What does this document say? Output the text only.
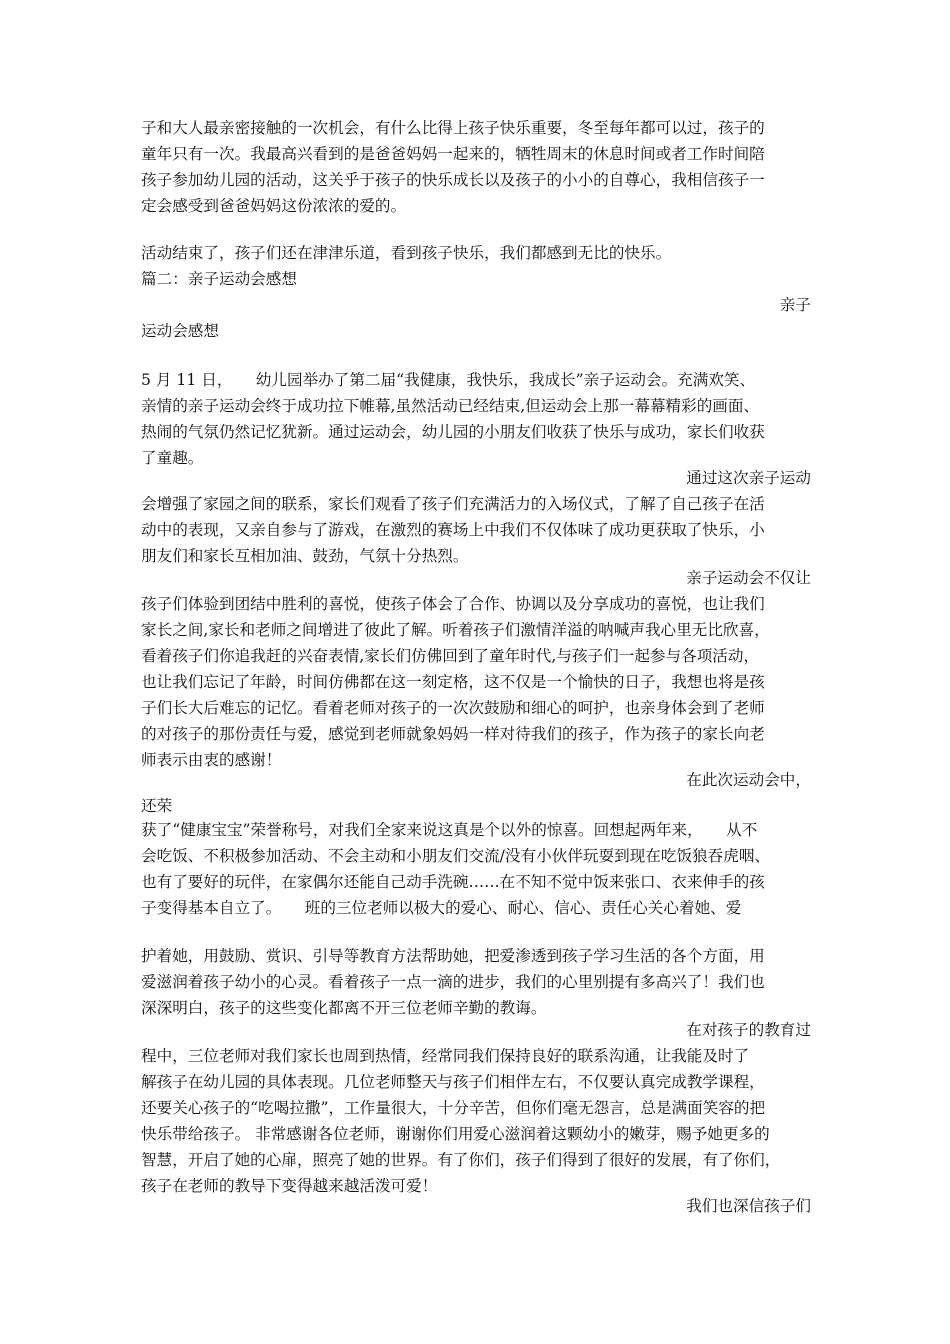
子和大人最亲密接触的一次机会，有什么比得上孩子快乐重要，冬至每年都可以过，孩子的
童年只有一次。我最高兴看到的是爸爸妈妈一起来的，牺牲周末的休息时间或者工作时间陪
孩子参加幼儿园的活动，这关乎于孩子的快乐成长以及孩子的小小的自尊心，我相信孩子一
定会感受到爸爸妈妈这份浓浓的爱的。
活动结束了，孩子们还在津津乐道，看到孩子快乐，我们都感到无比的快乐。
篇二：亲子运动会感想
亲子
运动会感想
5 月 11 日，　　幼儿园举办了第二届“我健康，我快乐，我成长”亲子运动会。充满欢笑、
亲情的亲子运动会终于成功拉下帷幕,虽然活动已经结束,但运动会上那一幕幕精彩的画面、
热闹的气氛仍然记忆犹新。通过运动会，幼儿园的小朋友们收获了快乐与成功，家长们收获
了童趣。
通过这次亲子运动
会增强了家园之间的联系，家长们观看了孩子们充满活力的入场仪式，了解了自己孩子在活
动中的表现，又亲自参与了游戏，在激烈的赛场上中我们不仅体味了成功更获取了快乐，小
朋友们和家长互相加油、鼓劲，气氛十分热烈。
亲子运动会不仅让
孩子们体验到团结中胜利的喜悦，使孩子体会了合作、协调以及分享成功的喜悦，也让我们
家长之间,家长和老师之间增进了彼此了解。听着孩子们激情洋溢的呐喊声我心里无比欣喜，
看着孩子们你追我赶的兴奋表情,家长们仿佛回到了童年时代,与孩子们一起参与各项活动，
也让我们忘记了年龄，时间仿佛都在这一刻定格，这不仅是一个愉快的日子，我想也将是孩
子们长大后难忘的记忆。看着老师对孩子的一次次鼓励和细心的呵护，也亲身体会到了老师
的对孩子的那份责任与爱，感觉到老师就象妈妈一样对待我们的孩子，作为孩子的家长向老
师表示由衷的感谢！
在此次运动会中，
还荣
获了“健康宝宝”荣誉称号，对我们全家来说这真是个以外的惊喜。回想起两年来，　　从不
会吃饭、不积极参加活动、不会主动和小朋友们交流/没有小伙伴玩耍到现在吃饭狼吞虎咽、
也有了要好的玩伴，在家偶尔还能自己动手洗碗……在不知不觉中饭来张口、衣来伸手的孩
子变得基本自立了。　　班的三位老师以极大的爱心、耐心、信心、责任心关心着她、爱
护着她，用鼓励、赏识、引导等教育方法帮助她，把爱渗透到孩子学习生活的各个方面，用
爱滋润着孩子幼小的心灵。看着孩子一点一滴的进步，我们的心里别提有多高兴了！我们也
深深明白，孩子的这些变化都离不开三位老师辛勤的教诲。
在对孩子的教育过
程中，三位老师对我们家长也周到热情，经常同我们保持良好的联系沟通，让我能及时了
解孩子在幼儿园的具体表现。几位老师整天与孩子们相伴左右，不仅要认真完成教学课程，
还要关心孩子的“吃喝拉撒”，工作量很大，十分辛苦，但你们毫无怨言，总是满面笑容的把
快乐带给孩子。 非常感谢各位老师，谢谢你们用爱心滋润着这颗幼小的嫩芽，赐予她更多的
智慧，开启了她的心扉，照亮了她的世界。有了你们，孩子们得到了很好的发展，有了你们，
孩子在老师的教导下变得越来越活泼可爱！
我们也深信孩子们
